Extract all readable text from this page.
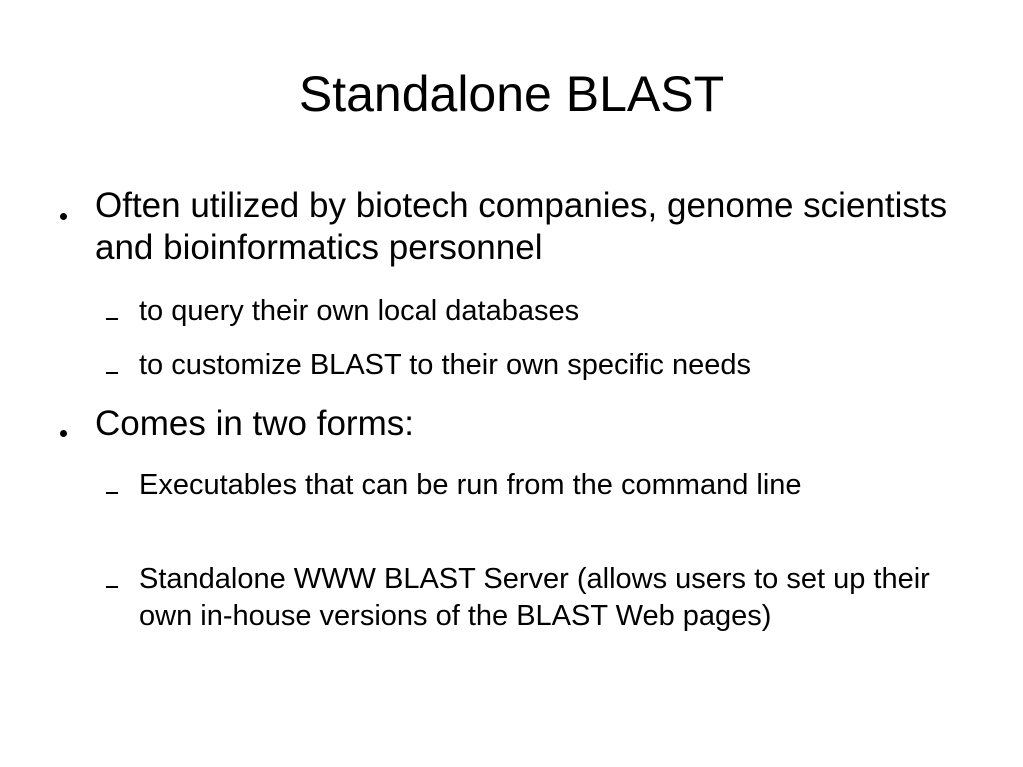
Standalone BLAST

Often utilized by biotech companies, genome scientists and bioinformatics personnel

to query their own local databases

to customize BLAST to their own specific needs

Comes in two forms:

Executables that can be run from the command line

Standalone WWW BLAST Server (allows users to set up their own in-house versions of the BLAST Web pages)
